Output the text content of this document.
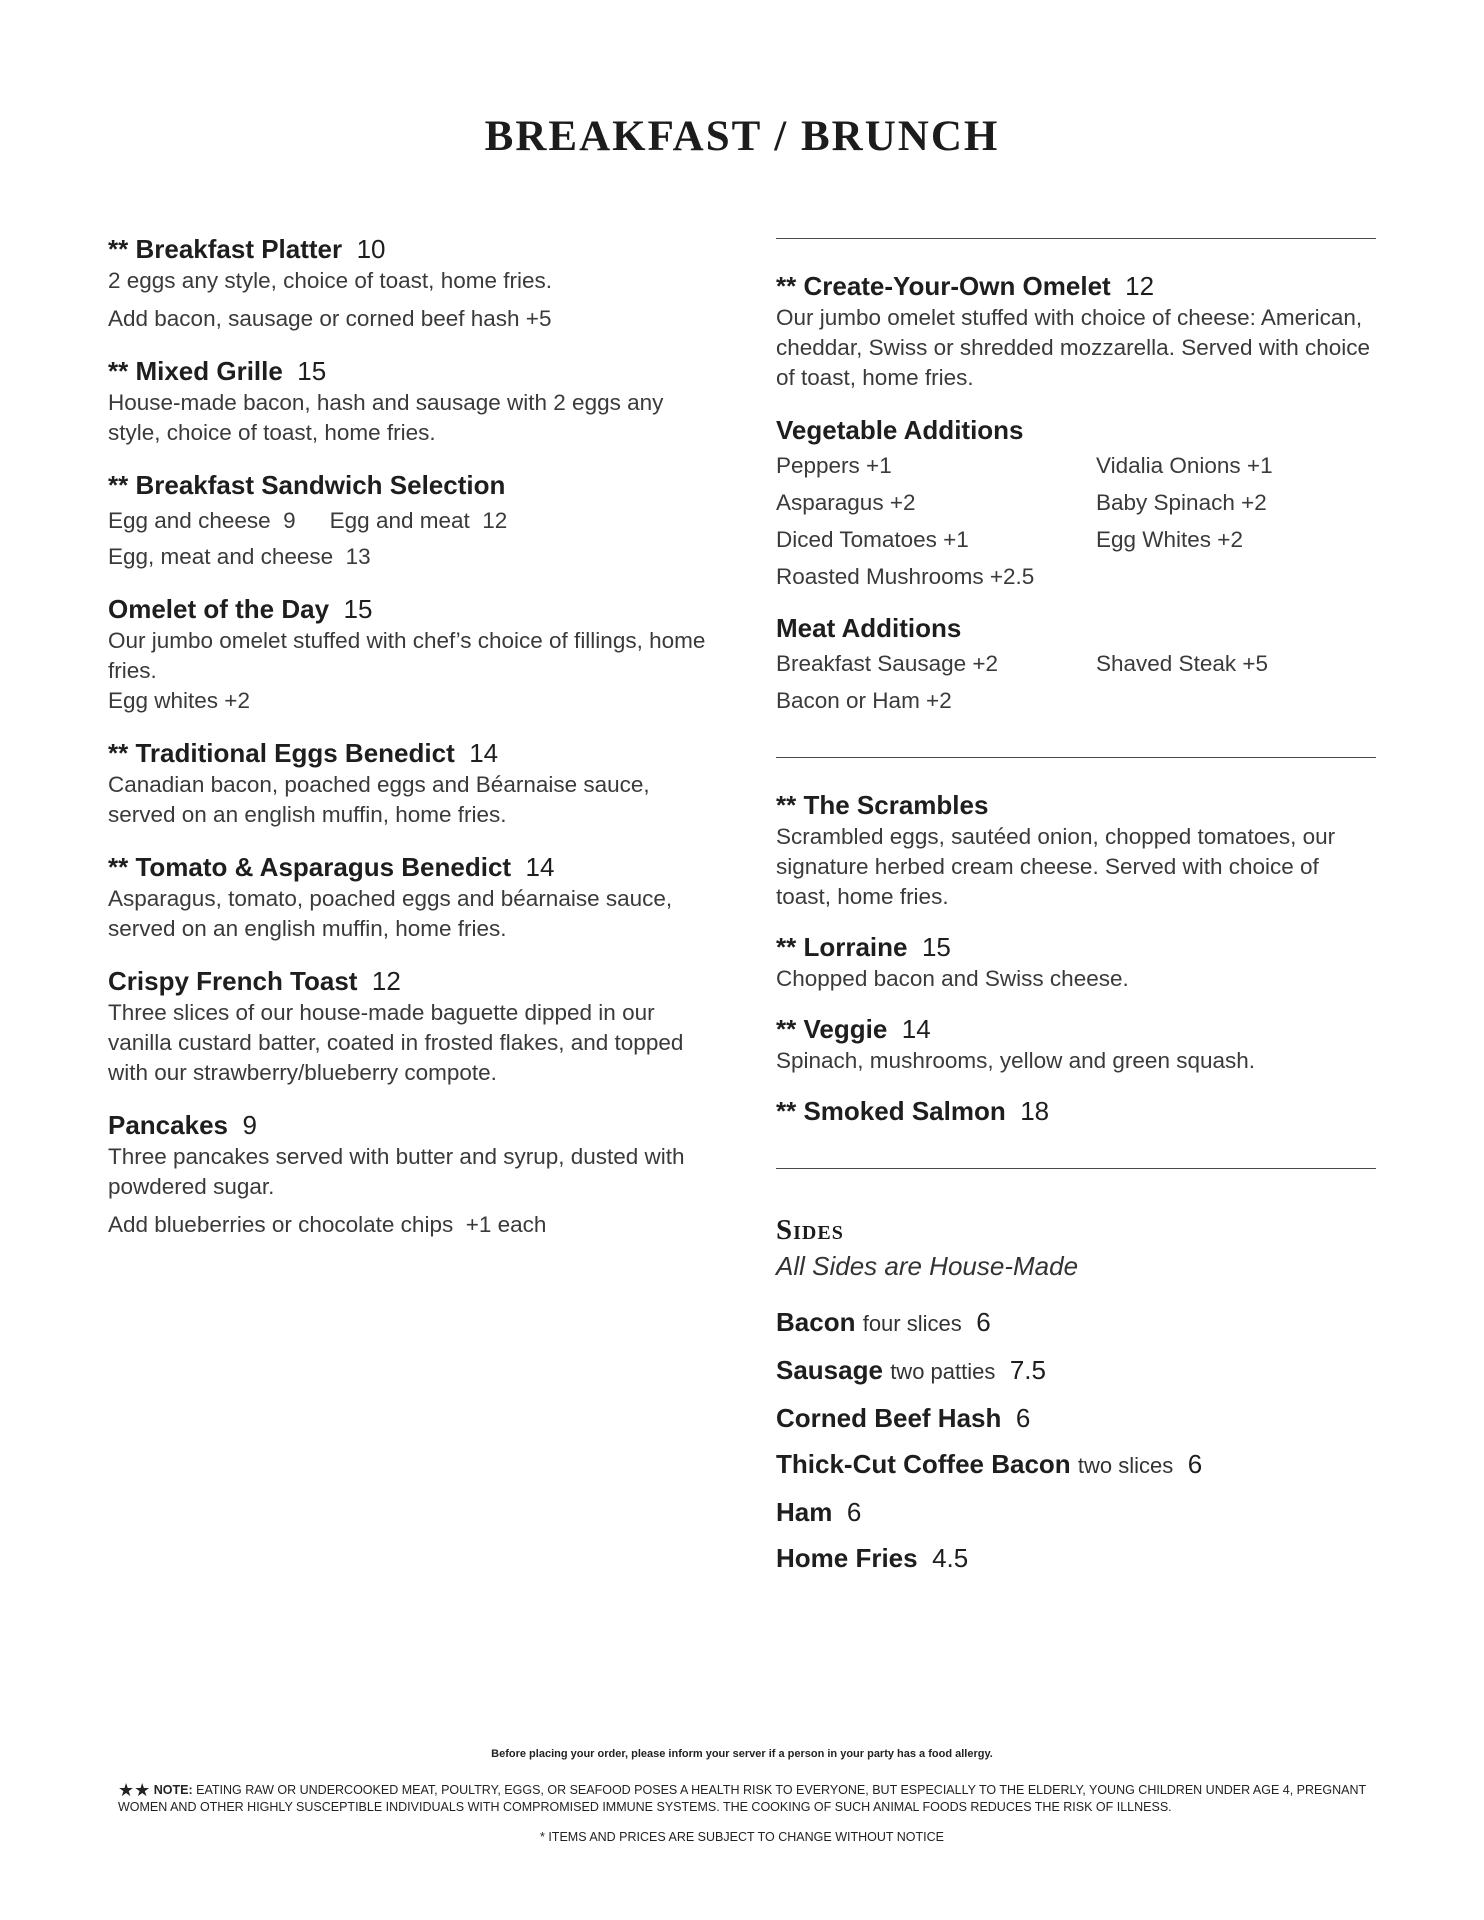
BREAKFAST / BRUNCH

** Breakfast Platter 10

2 eggs any style, choice of toast, home fries.

Add bacon, sausage or corned beef hash +5

** Mixed Grille 15

House-made bacon, hash and sausage with 2 eggs any style, choice of toast, home fries.

** Breakfast Sandwich Selection

Egg and cheese  9 Egg and meat  12

Egg, meat and cheese  13

Omelet of the Day 15

Our jumbo omelet stuffed with chef’s choice of fillings, home fries.

Egg whites +2

** Traditional Eggs Benedict 14

Canadian bacon, poached eggs and Béarnaise sauce, served on an english muffin, home fries.

** Tomato & Asparagus Benedict 14

Asparagus, tomato, poached eggs and béarnaise sauce, served on an english muffin, home fries.

Crispy French Toast 12

Three slices of our house-made baguette dipped in our vanilla custard batter, coated in frosted flakes, and topped with our strawberry/blueberry compote.

Pancakes 9

Three pancakes served with butter and syrup, dusted with powdered sugar.

Add blueberries or chocolate chips  +1 each

** Create-Your-Own Omelet 12

Our jumbo omelet stuffed with choice of cheese: American, cheddar, Swiss or shredded mozzarella. Served with choice of toast, home fries.

Vegetable Additions

Peppers +1	Vidalia Onions +1

Asparagus +2	Baby Spinach +2

Diced Tomatoes +1	Egg Whites +2

Roasted Mushrooms +2.5

Meat Additions

Breakfast Sausage +2	Shaved Steak +5

Bacon or Ham +2

** The Scrambles

Scrambled eggs, sautéed onion, chopped tomatoes, our signature herbed cream cheese. Served with choice of toast, home fries.

** Lorraine 15

Chopped bacon and Swiss cheese.

** Veggie 14

Spinach, mushrooms, yellow and green squash.

** Smoked Salmon 18

Sides

All Sides are House-Made

Bacon four slices 6

Sausage two patties 7.5

Corned Beef Hash 6

Thick-Cut Coffee Bacon two slices 6

Ham 6

Home Fries 4.5

Before placing your order, please inform your server if a person in your party has a food allergy.

★★ NOTE: EATING RAW OR UNDERCOOKED MEAT, POULTRY, EGGS, OR SEAFOOD POSES A HEALTH RISK TO EVERYONE, BUT ESPECIALLY TO THE ELDERLY, YOUNG CHILDREN UNDER AGE 4, PREGNANT WOMEN AND OTHER HIGHLY SUSCEPTIBLE INDIVIDUALS WITH COMPROMISED IMMUNE SYSTEMS. THE COOKING OF SUCH ANIMAL FOODS REDUCES THE RISK OF ILLNESS.

* ITEMS AND PRICES ARE SUBJECT TO CHANGE WITHOUT NOTICE
